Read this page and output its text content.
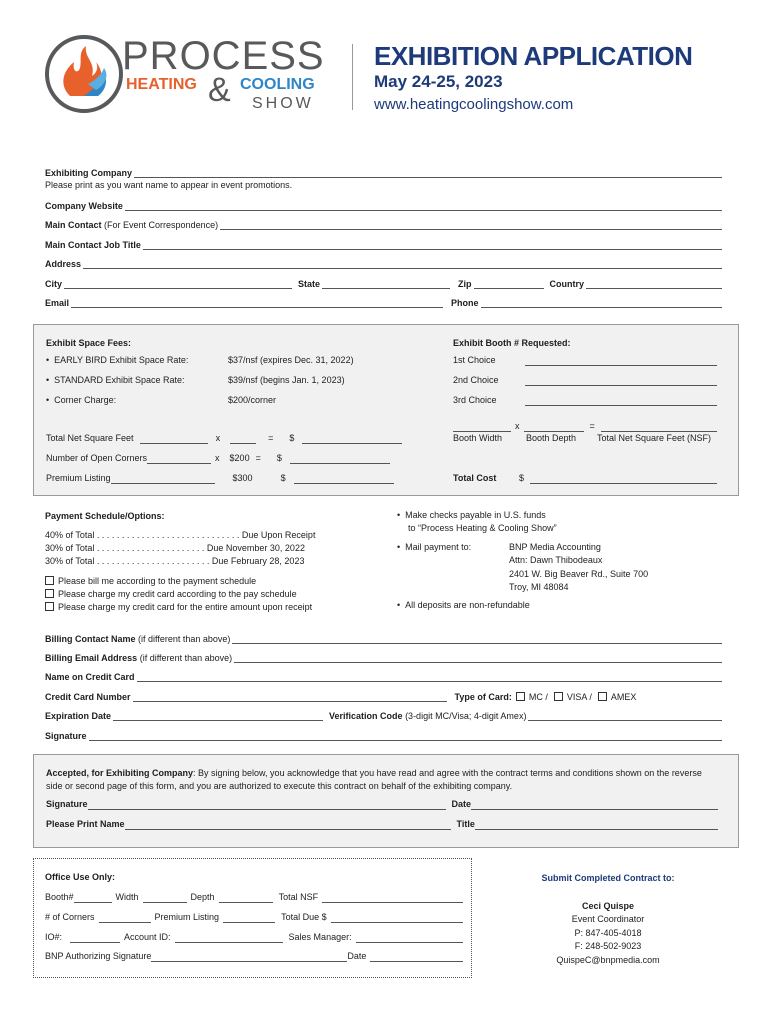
PROCESS
HEATING & COOLING
SHOW
EXHIBITION APPLICATION
May 24-25, 2023
www.heatingcoolingshow.com
Exhibiting Company
Please print as you want name to appear in event promotions.
Company Website
Main Contact
(For Event Correspondence)
Main Contact Job Title
Address
City	State	Zip	Country
Email	Phone
Exhibit Space Fees:
•  EARLY BIRD Exhibit Space Rate:	$37/nsf (expires Dec. 31, 2022)
•  STANDARD Exhibit Space Rate:	$39/nsf (begins Jan. 1, 2023)
•  Corner Charge:	$200/corner
Total Net Square Feet	x	= $
Number of Open Corners	x $200 = $
Premium Listing	$300	$
Exhibit Booth # Requested:
1st Choice
2nd Choice
3rd Choice
x	=
Booth Width	Booth Depth Total Net Square Feet (NSF)
Total Cost	$
Payment Schedule/Options:
40% of Total . . . . . . . . . . . . . . . . . . . . . . . . . . . . . Due Upon Receipt
30% of Total . . . . . . . . . . . . . . . . . . . . . . Due November 30, 2022
30% of Total . . . . . . . . . . . . . . . . . . . . . . . Due February 28, 2023
Please bill me according to the payment schedule
Please charge my credit card according to the pay schedule
Please charge my credit card for the entire amount upon receipt
•  Make checks payable in U.S. funds
to “Process Heating & Cooling Show”
•  Mail payment to:	BNP Media Accounting
Attn: Dawn Thibodeaux
2401 W. Big Beaver Rd., Suite 700
Troy, MI 48084
•  All deposits are non-refundable
Billing Contact Name
(if different than above)
Billing Email Address
(if different than above)
Name on Credit Card
Credit Card Number	Type of Card:	MC /	VISA /	AMEX
Expiration Date	Verification Code
(3-digit MC/Visa; 4-digit Amex)
Signature
Accepted, for Exhibiting Company: By signing below, you acknowledge that you have read and agree with the contract terms and conditions shown on the reverse side or second page of this form, and you are authorized to execute this contract on behalf of the exhibiting company.
Signature	Date
Please Print Name	Title
Office Use Only:
Booth#	Width	Depth	Total NSF
# of Corners	Premium Listing	Total Due $
IO#:	Account ID:	Sales Manager:
BNP Authorizing Signature	Date
Submit Completed Contract to:
Ceci Quispe
Event Coordinator
P: 847-405-4018
F: 248-502-9023
QuispeC@bnpmedia.com
